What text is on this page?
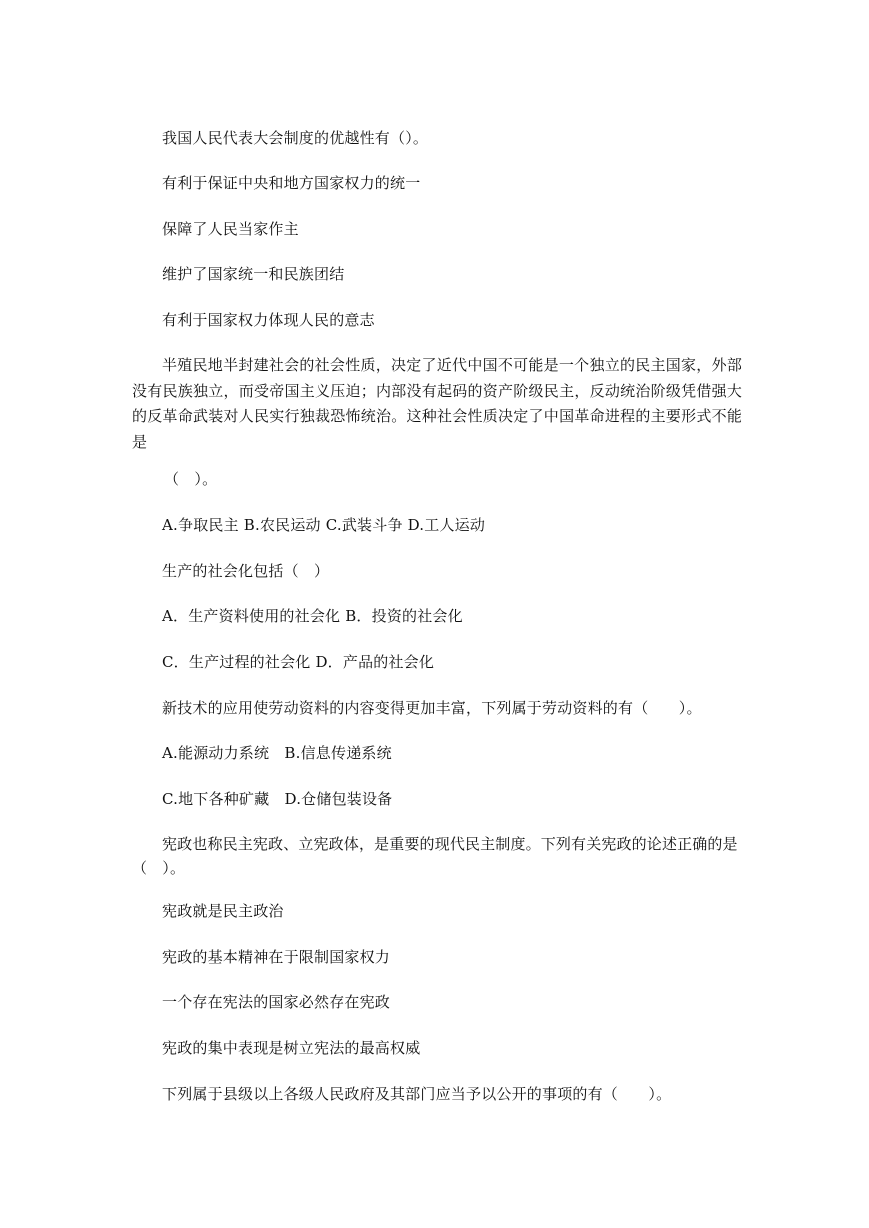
我国人民代表大会制度的优越性有（）。
有利于保证中央和地方国家权力的统一
保障了人民当家作主
维护了国家统一和民族团结
有利于国家权力体现人民的意志
半殖民地半封建社会的社会性质，决定了近代中国不可能是一个独立的民主国家，外部没有民族独立，而受帝国主义压迫；内部没有起码的资产阶级民主，反动统治阶级凭借强大的反革命武装对人民实行独裁恐怖统治。这种社会性质决定了中国革命进程的主要形式不能是
（　）。
A.争取民主 B.农民运动 C.武装斗争 D.工人运动
生产的社会化包括（　）
A．生产资料使用的社会化 B．投资的社会化
C．生产过程的社会化 D．产品的社会化
新技术的应用使劳动资料的内容变得更加丰富，下列属于劳动资料的有（　　）。
A.能源动力系统　B.信息传递系统
C.地下各种矿藏　D.仓储包装设备
宪政也称民主宪政、立宪政体，是重要的现代民主制度。下列有关宪政的论述正确的是（　）。
宪政就是民主政治
宪政的基本精神在于限制国家权力
一个存在宪法的国家必然存在宪政
宪政的集中表现是树立宪法的最高权威
下列属于县级以上各级人民政府及其部门应当予以公开的事项的有（　　）。
